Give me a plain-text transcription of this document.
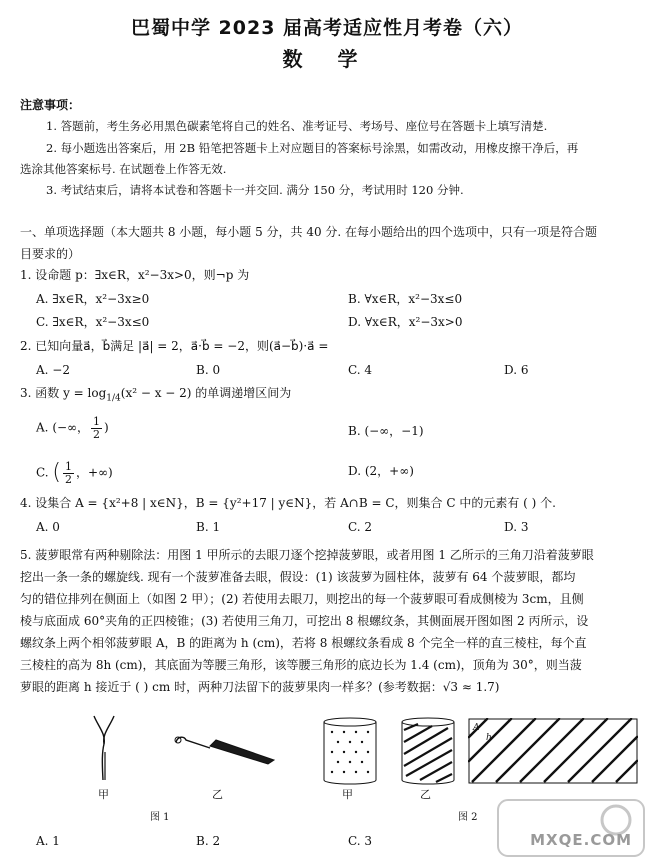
巴蜀中学 2023 届高考适应性月考卷（六）
数 学
注意事项：
1. 答题前，考生务必用黑色碳素笔将自己的姓名、准考证号、考场号、座位号在答题卡上填写清楚.
2. 每小题选出答案后，用 2B 铅笔把答题卡上对应题目的答案标号涂黑，如需改动，用橡皮擦干净后，再
选涂其他答案标号. 在试题卷上作答无效.
3. 考试结束后，请将本试卷和答题卡一并交回. 满分 150 分，考试用时 120 分钟.
一、单项选择题（本大题共 8 小题，每小题 5 分，共 40 分. 在每小题给出的四个选项中，只有一项是符合题
目要求的）
1. 设命题 p：∃x∈R，x²−3x>0，则¬p 为
A. ∃x∈R，x²−3x≥0	B. ∀x∈R，x²−3x≤0
C. ∃x∈R，x²−3x≤0	D. ∀x∈R，x²−3x>0
2. 已知向量a⃗，b⃗满足 |a⃗| = 2，a⃗·b⃗ = −2，则(a⃗−b⃗)·a⃗ =
A. −2	B. 0	C. 4	D. 6
3. 函数 $y = \log_{1/4}(x^2 - x - 2)$ 的单调递增区间为
A. (−∞， $\frac{1}{2}$ )	B. (−∞，−1)
C. ( $\frac{1}{2}$ ，+∞)	D. (2，+∞)
4. 设集合 A = {x²+8 | x∈N}，B = {y²+17 | y∈N}，若 A∩B = C，则集合 C 中的元素有 ( ) 个.
A. 0	B. 1	C. 2	D. 3
5. 菠萝眼常有两种剔除法：用图 1 甲所示的去眼刀逐个挖掉菠萝眼，或者用图 1 乙所示的三角刀沿着菠萝眼
挖出一条一条的螺旋线. 现有一个菠萝准备去眼，假设：(1) 该菠萝为圆柱体，菠萝有 64 个菠萝眼，都均
匀的错位排列在侧面上（如图 2 甲）；(2) 若使用去眼刀，则挖出的每一个菠萝眼可看成侧棱为 3cm，且侧
棱与底面成 60°夹角的正四棱锥；(3) 若使用三角刀，可挖出 8 根螺纹条，其侧面展开图如图 2 丙所示，设
螺纹条上两个相邻菠萝眼 A，B 的距离为 h (cm)，若将 8 根螺纹条看成 8 个完全一样的直三棱柱，每个直
三棱柱的高为 8h (cm)，其底面为等腰三角形，该等腰三角形的底边长为 1.4 (cm)，顶角为 30°，则当菠
萝眼的距离 h 接近于 ( ) cm 时，两种刀法留下的菠萝果肉一样多？(参考数据：√3 ≈ 1.7)
甲	乙
图 1
甲	乙
A
h
图 2
A. 1	B. 2	C. 3	MXQE.COM
